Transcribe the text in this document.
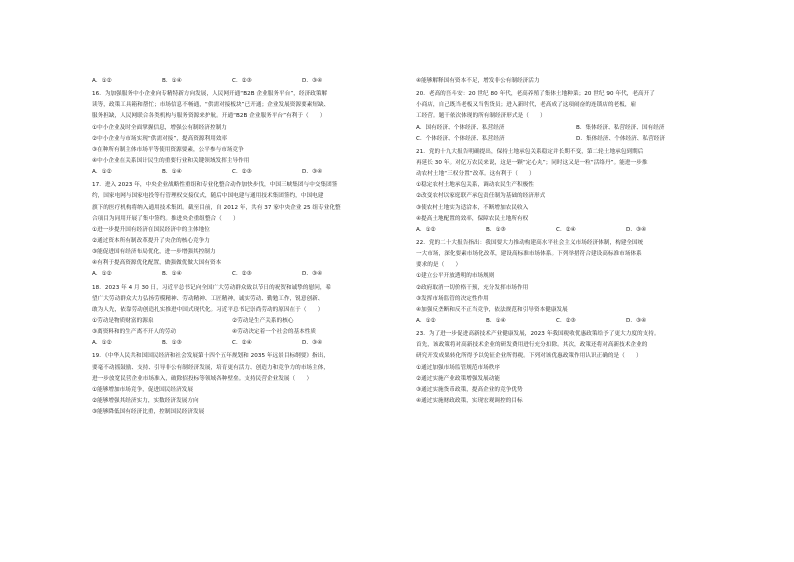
A．①②	B．①④	C．②③	D．③④
16．为加强服务中小企业向专精特新方向发展，人民网开通“B2B 企业服务平台”，经济政策解
读等，政策工具箱和帮忙；市场信息不畅通，“供需对接板块”已开通；企业发展资源要素短缺、
服务担缺，人民网联合各类机构与服务资源来护航。开通“B2B 企业服务平台”有利于（　　）
①中小企业及时全面掌握信息，增强公有制经济控制力
②中小企业与市场实现“供需对接”，提高资源利用效率
③在种所有制主体市场平等使用资源要素，公平参与市场竞争
④中小企业在关系国计民生的重要行业和关键领域发挥主导作用
A．①②	B．①④	C．②③	D．③④
17．进入 2023 年，中央企业战略性重组和专业化整合动作加快步伐，中国三峡集团与中交集团签
约，国家电网与国家电投等行管理权交接仪式，随后中国电建与通用技术集团签约，中国电建
旗下的医疗机构将纳入通用技术集团。截至目前，自 2012 年，共有 37 家中央企业 25 组专业化整
合项目为同用开展了集中签约。推进央企重组整合（　　）
①进一步提升国有经济在国民经济中的主体地位
②通过资本所有制改革提升了央企的核心竞争力
③能促进国有经济布局优化，进一步增强其控制力
④有利于提高资源优化配置，做强做优做大国有资本
A．①②	B．①④	C．②③	D．③④
18．2023 年 4 月 30 日，习近平总书记向全国广大劳动群众致以节日的祝贺和诚挚的慰问，希
望广大劳动群众大力弘扬劳模精神、劳动精神、工匠精神，诚实劳动、勤勉工作，锐意创新、
敢为人先，依靠劳动创造扎实推进中国式现代化。习近平总书记崇尚劳动的原因在于（　　）
①劳动是物质财富的源泉	②劳动是生产关系的核心
③离资料和的生产离不开人的劳动	④劳动决定着一个社会的基本性质
A．①②	B．①③	C．②④	D．③④
19．《中华人民共和国国民经济和社会发展第十四个五年规划和 2035 年远景目标纲要》指出，
要毫不动摇鼓励、支持、引导非公有制经济发展，培育更有活力、创造力和竞争力的市场主体，
进一步放宽民营企业市场准入，破除招投标等领域各种壁垒。支持民营企业发展（　　）
①能够增加市场竞争，促进国民经济发展
②能够增强其经济实力，实数经济发展方向
③能够降低国有经济比重，控制国民经济发展
④能够解释国有资本不足，增发非公有制经济活力
20．老高的吾斗安：20 世纪 80 年代，老高养殖了集体土地种菜；20 世纪 90 年代，老高开了
小商店，自己既当老板又当售货员；进入新时代，老高成了这项闹奋的连锁店的老板，雇
工经营。题干依次体现的所有制经济形式是（　　）
A．国有经济、个体经济、私营经济	B．集体经济、私营经济、国有经济
C．个体经济、个体经济、私营经济	D．集体经济、个体经济、私营经济
21．党的十九大报告明确提出，保持土地承包关系稳定并长期不变，第二轮土地承包到期后
再延长 30 年。对亿万农民来说，这是一颗“定心丸”；同时这又是一粒“活络丹”。能进一步推
动农村土地“三权分置”改革。这有利于（　　）
①稳定农村土地承包关系，调动农民生产积极性
②改变农村以家庭联产承包责任制为基础的经济形式
③使农村土地实为适洽本，不断增加农民收入
④提高土地配置的效率，保障农民土地所有权
A．①②	B．①③	C．②④	D．③④
22．党的二十大报告指出：我国要大力推动构建高水平社会主义市场经济体制，构建全国统
一大市场，深化要素市场化改革，建设高标准市场体系。下列举措符合建设高标准市场体系
要求的是（　　）
①建立公平开放透明的市场规则
②政府取消一切价格干预，充分发挥市场作用
③发挥市场监管的决定性作用
④加强反垄断和反不正当竞争，依法规范和引导资本健康发展
A．①②	B．①④	C．②③	D．③④
23．为了进一步促进高新技术产业健康发展，2023 年我国税收优惠政策给予了更大力度的支持。
首先，该政策将对高新技术企业的研发费用进行充分扣除。其次，政策还将对高新技术企业的
研究开发成果转化所得予以免征企业所得税。下列对该优惠政策作用认识正确的是（　　）
①通过加强市场监管规范市场秩序
②通过实施产业政策增强发展动能
③通过实施货币政策，提高企业的竞争优势
④通过实施财政政策，实现宏观调控的目标
